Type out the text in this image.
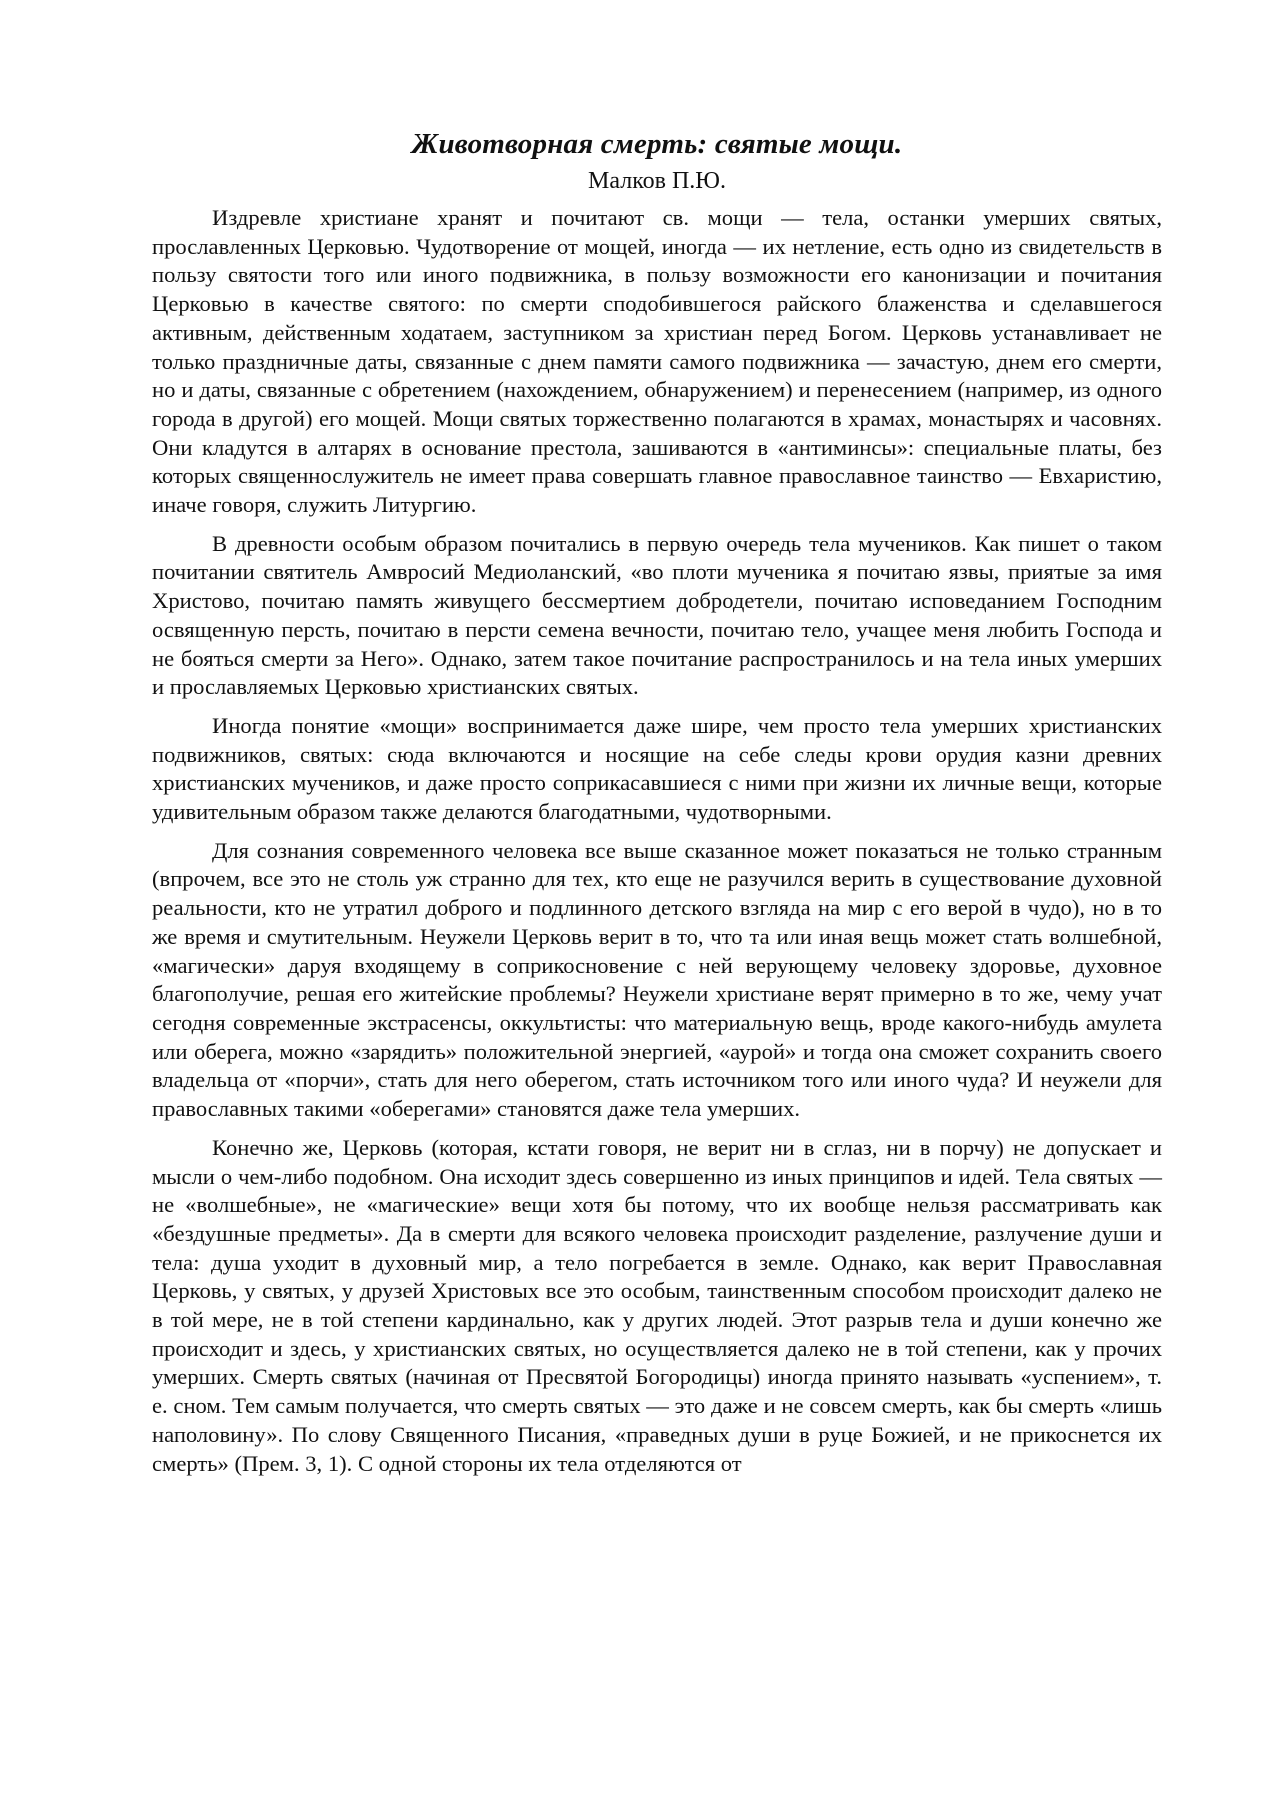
Животворная смерть: святые мощи.
Малков П.Ю.

Издревле христиане хранят и почитают св. мощи — тела, останки умерших святых, прославленных Церковью. Чудотворение от мощей, иногда — их нетление, есть одно из свидетельств в пользу святости того или иного подвижника, в пользу возможности его канонизации и почитания Церковью в качестве святого: по смерти сподобившегося райского блаженства и сделавшегося активным, действенным ходатаем, заступником за христиан перед Богом. Церковь устанавливает не только праздничные даты, связанные с днем памяти самого подвижника — зачастую, днем его смерти, но и даты, связанные с обретением (нахождением, обнаружением) и перенесением (например, из одного города в другой) его мощей. Мощи святых торжественно полагаются в храмах, монастырях и часовнях. Они кладутся в алтарях в основание престола, зашиваются в «антиминсы»: специальные платы, без которых священнослужитель не имеет права совершать главное православное таинство — Евхаристию, иначе говоря, служить Литургию.

В древности особым образом почитались в первую очередь тела мучеников. Как пишет о таком почитании святитель Амвросий Медиоланский, «во плоти мученика я почитаю язвы, приятые за имя Христово, почитаю память живущего бессмертием добродетели, почитаю исповеданием Господним освященную персть, почитаю в персти семена вечности, почитаю тело, учащее меня любить Господа и не бояться смерти за Него». Однако, затем такое почитание распространилось и на тела иных умерших и прославляемых Церковью христианских святых.

Иногда понятие «мощи» воспринимается даже шире, чем просто тела умерших христианских подвижников, святых: сюда включаются и носящие на себе следы крови орудия казни древних христианских мучеников, и даже просто соприкасавшиеся с ними при жизни их личные вещи, которые удивительным образом также делаются благодатными, чудотворными.

Для сознания современного человека все выше сказанное может показаться не только странным (впрочем, все это не столь уж странно для тех, кто еще не разучился верить в существование духовной реальности, кто не утратил доброго и подлинного детского взгляда на мир с его верой в чудо), но в то же время и смутительным. Неужели Церковь верит в то, что та или иная вещь может стать волшебной, «магически» даруя входящему в соприкосновение с ней верующему человеку здоровье, духовное благополучие, решая его житейские проблемы? Неужели христиане верят примерно в то же, чему учат сегодня современные экстрасенсы, оккультисты: что материальную вещь, вроде какого-нибудь амулета или оберега, можно «зарядить» положительной энергией, «аурой» и тогда она сможет сохранить своего владельца от «порчи», стать для него оберегом, стать источником того или иного чуда? И неужели для православных такими «оберегами» становятся даже тела умерших.

Конечно же, Церковь (которая, кстати говоря, не верит ни в сглаз, ни в порчу) не допускает и мысли о чем-либо подобном. Она исходит здесь совершенно из иных принципов и идей. Тела святых — не «волшебные», не «магические» вещи хотя бы потому, что их вообще нельзя рассматривать как «бездушные предметы». Да в смерти для всякого человека происходит разделение, разлучение души и тела: душа уходит в духовный мир, а тело погребается в земле. Однако, как верит Православная Церковь, у святых, у друзей Христовых все это особым, таинственным способом происходит далеко не в той мере, не в той степени кардинально, как у других людей. Этот разрыв тела и души конечно же происходит и здесь, у христианских святых, но осуществляется далеко не в той степени, как у прочих умерших. Смерть святых (начиная от Пресвятой Богородицы) иногда принято называть «успением», т. е. сном. Тем самым получается, что смерть святых — это даже и не совсем смерть, как бы смерть «лишь наполовину». По слову Священного Писания, «праведных души в руце Божией, и не прикоснется их смерть» (Прем. 3, 1). С одной стороны их тела отделяются от
